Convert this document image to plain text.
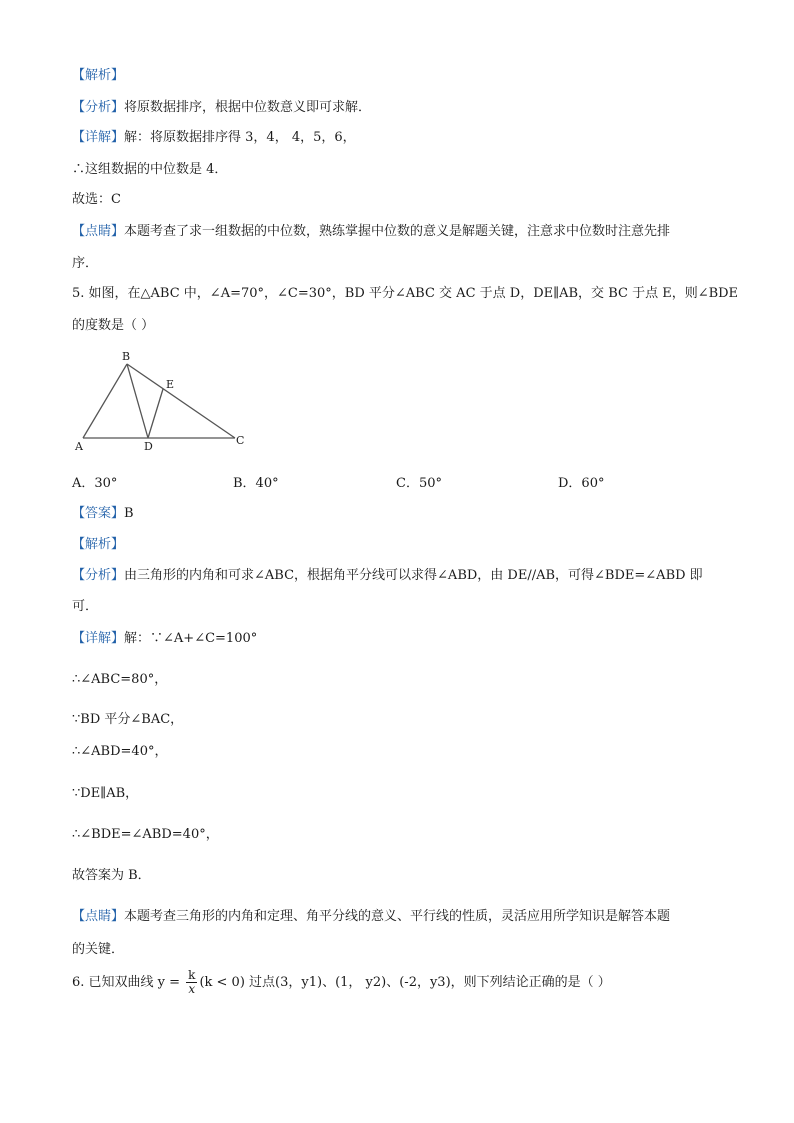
【解析】
【分析】将原数据排序，根据中位数意义即可求解．
【详解】解：将原数据排序得 3，4， 4，5，6，
∴这组数据的中位数是 4．
故选：C
【点睛】本题考查了求一组数据的中位数，熟练掌握中位数的意义是解题关键，注意求中位数时注意先排
序．
5. 如图，在△ABC 中，∠A=70°，∠C=30°，BD 平分∠ABC 交 AC 于点 D，DE∥AB，交 BC 于点 E，则∠BDE
的度数是（ ）
B
E
A	D	C
A．30°	B．40°	C．50°	D．60°
【答案】B
【解析】
【分析】由三角形的内角和可求∠ABC，根据角平分线可以求得∠ABD，由 DE//AB，可得∠BDE=∠ABD 即
可．
【详解】解：∵∠A+∠C=100°
∴∠ABC=80°，
∵BD 平分∠BAC，
∴∠ABD=40°，
∵DE∥AB，
∴∠BDE=∠ABD=40°，
故答案为 B．
【点睛】本题考查三角形的内角和定理、角平分线的意义、平行线的性质，灵活应用所学知识是解答本题
的关键．
6. 已知双曲线 $y = \frac{k}{x} (k < 0)$ 过点(3，y1)、(1， y2)、(-2，y3)，则下列结论正确的是（ ）
